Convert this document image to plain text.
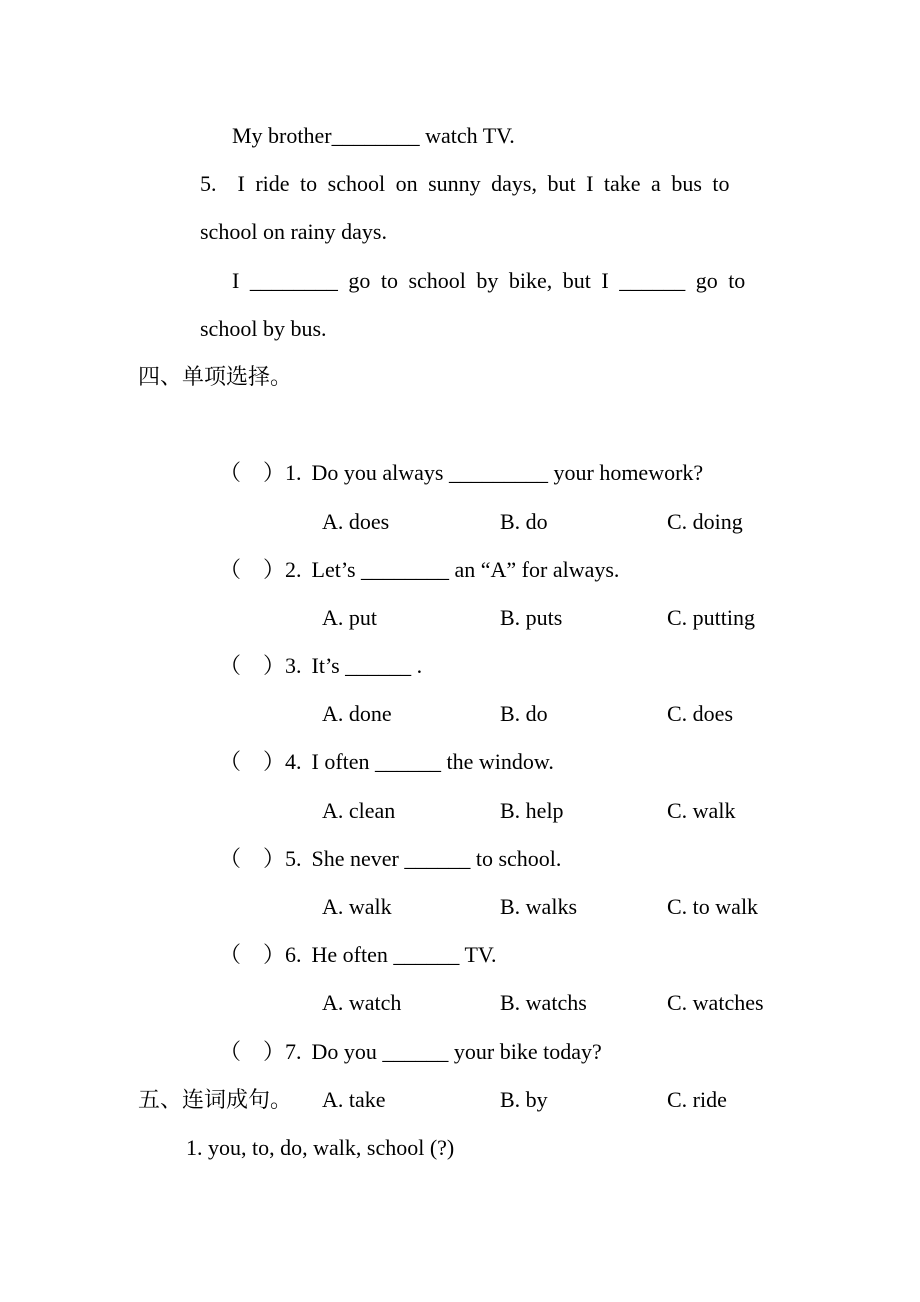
My brother________ watch TV.
5.  I ride to school on sunny days, but I take a bus to
school on rainy days.
I ________ go to school by bike, but I ______ go to
school by bus.
四、单项选择。

（　）1. Do you always _________ your homework?

A. does	B. do	C. doing

（　）2. Let’s ________ an “A” for always.

A. put	B. puts	C. putting

（　）3. It’s ______ .

A. done	B. do	C. does

（　）4. I often ______ the window.

A. clean	B. help	C. walk

（　）5. She never ______ to school.

A. walk	B. walks	C. to walk

（　）6. He often ______ TV.

A. watch	B. watchs	C. watches

（　）7. Do you ______ your bike today?

A. take	B. by	C. ride

五、连词成句。
1. you, to, do, walk, school (?)
